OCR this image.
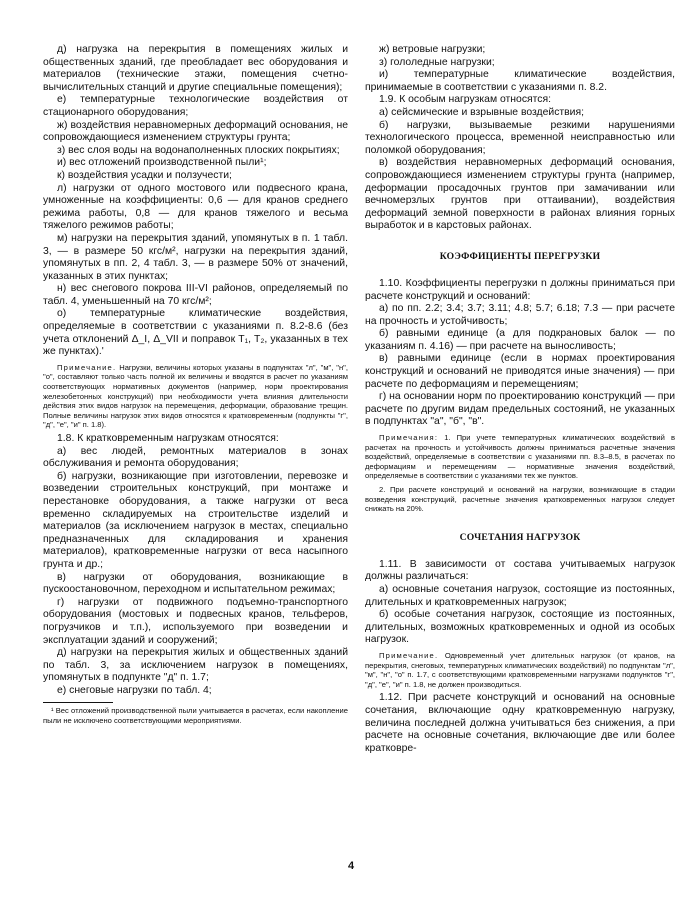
д) нагрузка на перекрытия в помещениях жилых и общественных зданий, где преобладает вес оборудования и материалов (технические этажи, помещения счетно-вычислительных станций и другие специальные помещения);

е) температурные технологические воздействия от стационарного оборудования;

ж) воздействия неравномерных деформаций основания, не сопровождающиеся изменением структуры грунта;

з) вес слоя воды на водонаполненных плоских покрытиях;

и) вес отложений производственной пыли¹;

к) воздействия усадки и ползучести;

л) нагрузки от одного мостового или подвесного крана, умноженные на коэффициенты: 0,6 — для кранов среднего режима работы, 0,8 — для кранов тяжелого и весьма тяжелого режимов работы;

м) нагрузки на перекрытия зданий, упомянутых в п. 1 табл. 3, — в размере 50 кгс/м², нагрузки на перекрытия зданий, упомянутых в пп. 2, 4 табл. 3, — в размере 50% от значений, указанных в этих пунктах;

н) вес снегового покрова III-VI районов, определяемый по табл. 4, уменьшенный на 70 кгс/м²;

о) температурные климатические воздействия, определяемые в соответствии с указаниями п. 8.2-8.6 (без учета отклонений Δ_I, Δ_VII и поправок T₁, T₂, указанных в тех же пунктах).'

Примечание. Нагрузки, величины которых указаны в подпунктах "л", "м", "н", "о", составляют только часть полной их величины и вводятся в расчет по указаниям соответствующих нормативных документов (например, норм проектирования железобетонных конструкций) при необходимости учета влияния длительности действия этих видов нагрузок на перемещения, деформации, образование трещин. Полные величины нагрузок этих видов относятся к кратковременным (подпункты "г", "д", "е", "и" п. 1.8).

1.8. К кратковременным нагрузкам относятся:

а) вес людей, ремонтных материалов в зонах обслуживания и ремонта оборудования;

б) нагрузки, возникающие при изготовлении, перевозке и возведении строительных конструкций, при монтаже и перестановке оборудования, а также нагрузки от веса временно складируемых на строительстве изделий и материалов (за исключением нагрузок в местах, специально предназначенных для складирования и хранения материалов), кратковременные нагрузки от веса насыпного грунта и др.;

в) нагрузки от оборудования, возникающие в пускоостановочном, переходном и испытательном режимах;

г) нагрузки от подвижного подъемно-транспортного оборудования (мостовых и подвесных кранов, тельферов, погрузчиков и т.п.), используемого при возведении и эксплуатации зданий и сооружений;

д) нагрузки на перекрытия жилых и общественных зданий по табл. 3, за исключением нагрузок в помещениях, упомянутых в подпункте "д" п. 1.7;

е) снеговые нагрузки по табл. 4;

¹ Вес отложений производственной пыли учитывается в расчетах, если накопление пыли не исключено соответствующими мероприятиями.

ж) ветровые нагрузки;

з) гололедные нагрузки;

и) температурные климатические воздействия, принимаемые в соответствии с указаниями п. 8.2.

1.9. К особым нагрузкам относятся:

а) сейсмические и взрывные воздействия;

б) нагрузки, вызываемые резкими нарушениями технологического процесса, временной неисправностью или поломкой оборудования;

в) воздействия неравномерных деформаций основания, сопровождающиеся изменением структуры грунта (например, деформации просадочных грунтов при замачивании или вечномерзлых грунтов при оттаивании), воздействия деформаций земной поверхности в районах влияния горных выработок и в карстовых районах.

КОЭФФИЦИЕНТЫ ПЕРЕГРУЗКИ

1.10. Коэффициенты перегрузки n должны приниматься при расчете конструкций и оснований:

а) по пп. 2.2; 3.4; 3.7; 3.11; 4.8; 5.7; 6.18; 7.3 — при расчете на прочность и устойчивость;

б) равными единице (а для подкрановых балок — по указаниям п. 4.16) — при расчете на выносливость;

в) равными единице (если в нормах проектирования конструкций и оснований не приводятся иные значения) — при расчете по деформациям и перемещениям;

г) на основании норм по проектированию конструкций — при расчете по другим видам предельных состояний, не указанных в подпунктах "а", "б", "в".

Примечания: 1. При учете температурных климатических воздействий в расчетах на прочность и устойчивость должны приниматься расчетные значения воздействий, определяемые в соответствии с указаниями пп. 8.3–8.5, в расчетах по деформациям и перемещениям — нормативные значения воздействий, определяемые в соответствии с указаниями тех же пунктов.

2. При расчете конструкций и оснований на нагрузки, возникающие в стадии возведения конструкций, расчетные значения кратковременных нагрузок следует снижать на 20%.

СОЧЕТАНИЯ НАГРУЗОК

1.11. В зависимости от состава учитываемых нагрузок должны различаться:

а) основные сочетания нагрузок, состоящие из постоянных, длительных и кратковременных нагрузок;

б) особые сочетания нагрузок, состоящие из постоянных, длительных, возможных кратковременных и одной из особых нагрузок.

Примечание. Одновременный учет длительных нагрузок (от кранов, на перекрытия, снеговых, температурных климатических воздействий) по подпунктам "л", "м", "н", "о" п. 1.7, с соответствующими кратковременными нагрузками подпунктов "г", "д", "е", "и" п. 1.8, не должен производиться.

1.12. При расчете конструкций и оснований на основные сочетания, включающие одну кратковременную нагрузку, величина последней должна учитываться без снижения, а при расчете на основные сочетания, включающие две или более кратковре-

4
